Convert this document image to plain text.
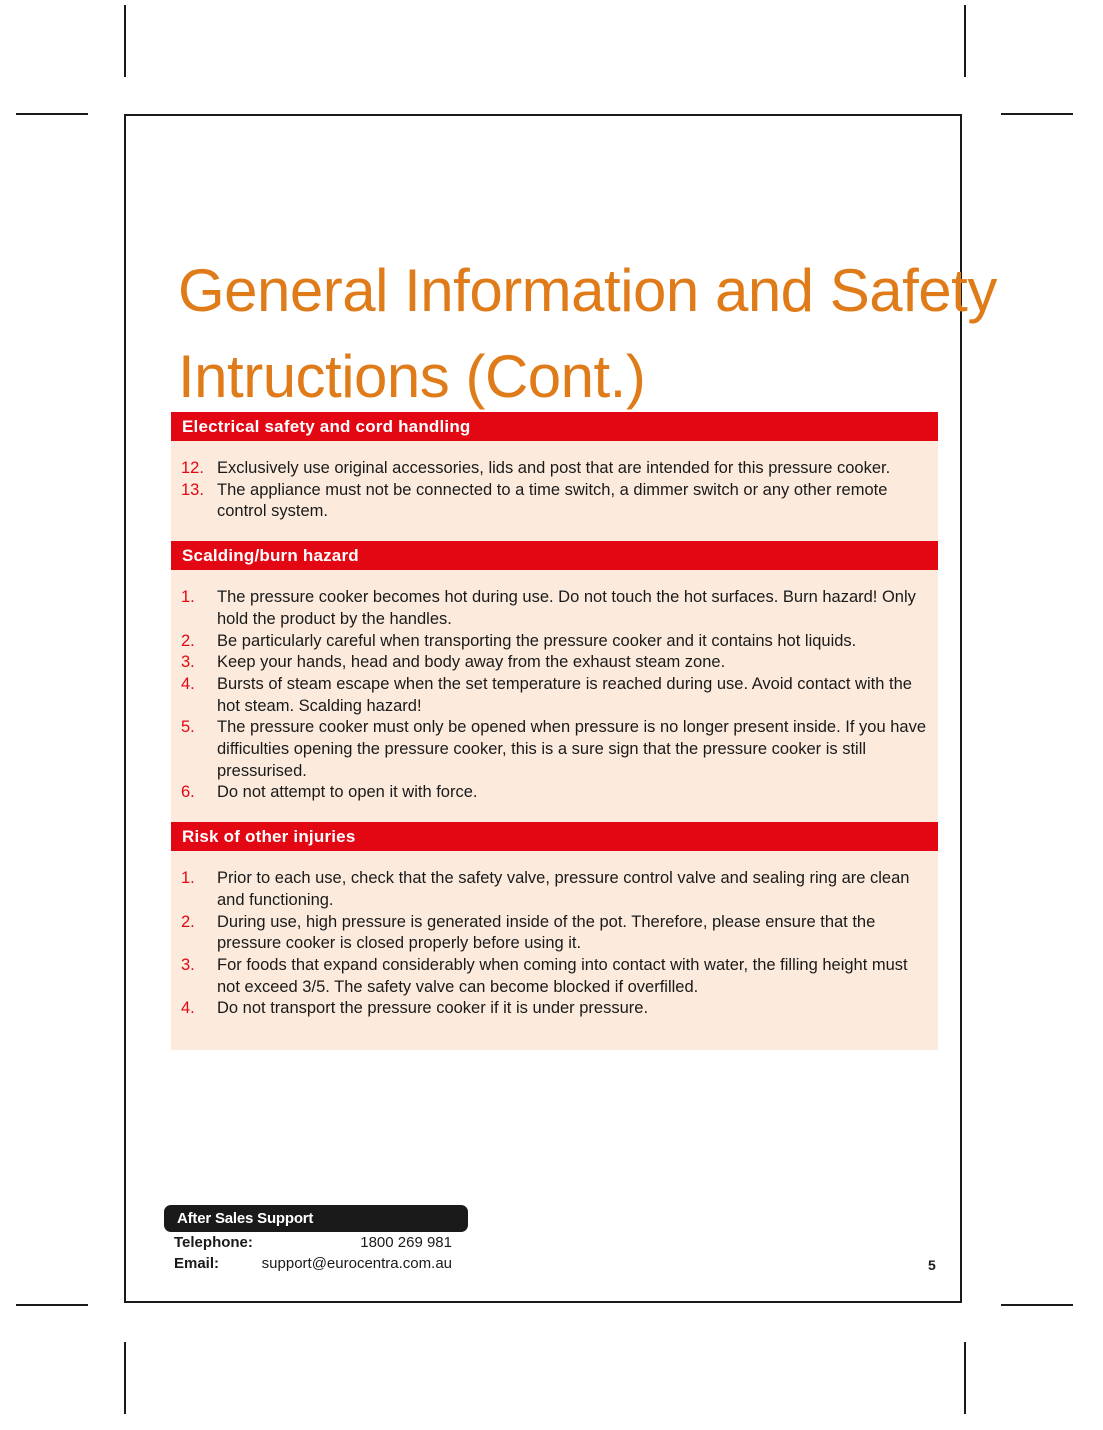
General Information and Safety
Intructions (Cont.)
Electrical safety and cord handling
12. Exclusively use original accessories, lids and post that are intended for this pressure cooker.
13. The appliance must not be connected to a time switch, a dimmer switch or any other remote control system.
Scalding/burn hazard
1.	The pressure cooker becomes hot during use. Do not touch the hot surfaces. Burn hazard! Only hold the product by the handles.
2.	Be particularly careful when transporting the pressure cooker and it contains hot liquids.
3.	Keep your hands, head and body away from the exhaust steam zone.
4.	Bursts of steam escape when the set temperature is reached during use. Avoid contact with the hot steam. Scalding hazard!
5.	The pressure cooker must only be opened when pressure is no longer present inside. If you have difficulties opening the pressure cooker, this is a sure sign that the pressure cooker is still pressurised.
6.	Do not attempt to open it with force.
Risk of other injuries
1.	Prior to each use, check that the safety valve, pressure control valve and sealing ring are clean and functioning.
2.	During use, high pressure is generated inside of the pot. Therefore, please ensure that the pressure cooker is closed properly before using it.
3.	For foods that expand considerably when coming into contact with water, the filling height must not exceed 3/5. The safety valve can become blocked if overfilled.
4.	Do not transport the pressure cooker if it is under pressure.
After Sales Support
Telephone:	1800 269 981
Email:	support@eurocentra.com.au	5
